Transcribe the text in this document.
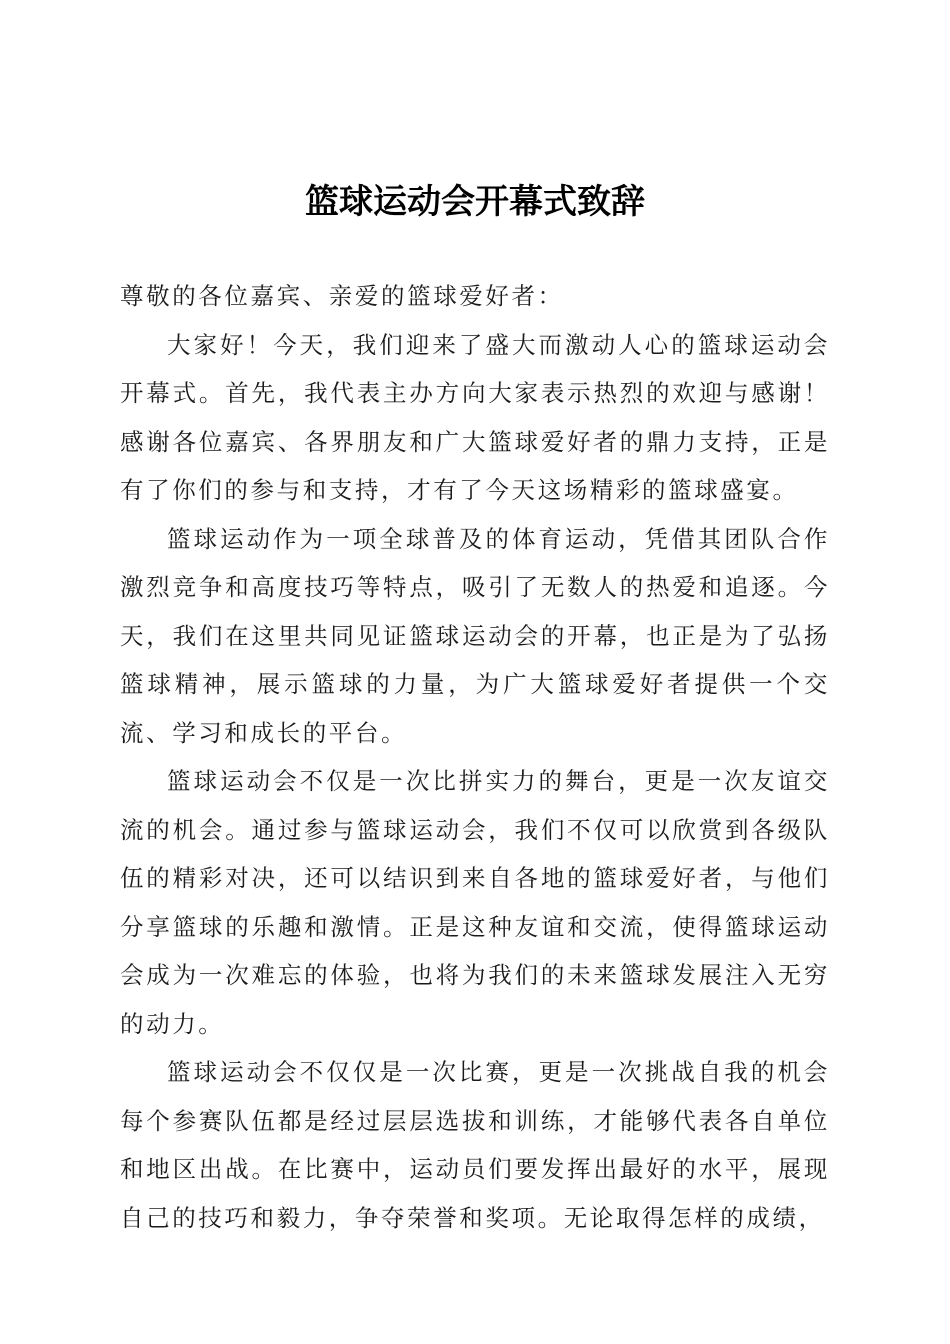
篮球运动会开幕式致辞

尊敬的各位嘉宾、亲爱的篮球爱好者：

大家好！今天，我们迎来了盛大而激动人心的篮球运动会开幕式。首先，我代表主办方向大家表示热烈的欢迎与感谢！感谢各位嘉宾、各界朋友和广大篮球爱好者的鼎力支持，正是有了你们的参与和支持，才有了今天这场精彩的篮球盛宴。

篮球运动作为一项全球普及的体育运动，凭借其团队合作激烈竞争和高度技巧等特点，吸引了无数人的热爱和追逐。今天，我们在这里共同见证篮球运动会的开幕，也正是为了弘扬篮球精神，展示篮球的力量，为广大篮球爱好者提供一个交流、学习和成长的平台。

篮球运动会不仅是一次比拼实力的舞台，更是一次友谊交流的机会。通过参与篮球运动会，我们不仅可以欣赏到各级队伍的精彩对决，还可以结识到来自各地的篮球爱好者，与他们分享篮球的乐趣和激情。正是这种友谊和交流，使得篮球运动会成为一次难忘的体验，也将为我们的未来篮球发展注入无穷的动力。

篮球运动会不仅仅是一次比赛，更是一次挑战自我的机会每个参赛队伍都是经过层层选拔和训练，才能够代表各自单位和地区出战。在比赛中，运动员们要发挥出最好的水平，展现自己的技巧和毅力，争夺荣誉和奖项。无论取得怎样的成绩，
